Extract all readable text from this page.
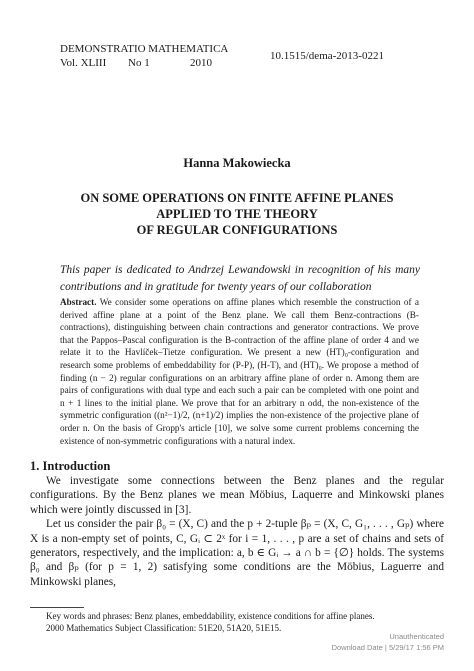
DEMONSTRATIO MATHEMATICA
Vol. XLIII	No 1	2010
10.1515/dema-2013-0221
Hanna Makowiecka
ON SOME OPERATIONS ON FINITE AFFINE PLANES
APPLIED TO THE THEORY
OF REGULAR CONFIGURATIONS
This paper is dedicated to Andrzej Lewandowski in recognition of his many contributions and in gratitude for twenty years of our collaboration
Abstract. We consider some operations on affine planes which resemble the construction of a derived affine plane at a point of the Benz plane. We call them Benz-contractions (B-contractions), distinguishing between chain contractions and generator contractions. We prove that the Pappos–Pascal configuration is the B-contraction of the affine plane of order 4 and we relate it to the Havlíček–Tietze configuration. We present a new (HT)₀-configuration and research some problems of embeddability for (P-P), (H-T), and (HT)₀. We propose a method of finding (n − 2) regular configurations on an arbitrary affine plane of order n. Among them are pairs of configurations with dual type and each such a pair can be completed with one point and n + 1 lines to the initial plane. We prove that for an arbitrary n odd, the non-existence of the symmetric configuration ((n²−1)/2, (n+1)/2) implies the non-existence of the projective plane of order n. On the basis of Gropp's article [10], we solve some current problems concerning the existence of non-symmetric configurations with a natural index.
1. Introduction

We investigate some connections between the Benz planes and the regular configurations. By the Benz planes we mean Möbius, Laquerre and Minkowski planes which were jointly discussed in [3].

Let us consider the pair β₀ = (X, C) and the p + 2-tuple βₚ = (X, C, G₁, . . . , Gₚ) where X is a non-empty set of points, C, Gᵢ ⊂ 2ˣ for i = 1, . . . , p are a set of chains and sets of generators, respectively, and the implication: a, b ∈ Gᵢ → a ∩ b = {∅} holds. The systems β₀ and βₚ (for p = 1, 2) satisfying some conditions are the Möbius, Laguerre and Minkowski planes,

Key words and phrases: Benz planes, embeddability, existence conditions for affine planes.

2000 Mathematics Subject Classification: 51E20, 51A20, 51E15.

Unauthenticated
Download Date | 5/29/17 1:56 PM
